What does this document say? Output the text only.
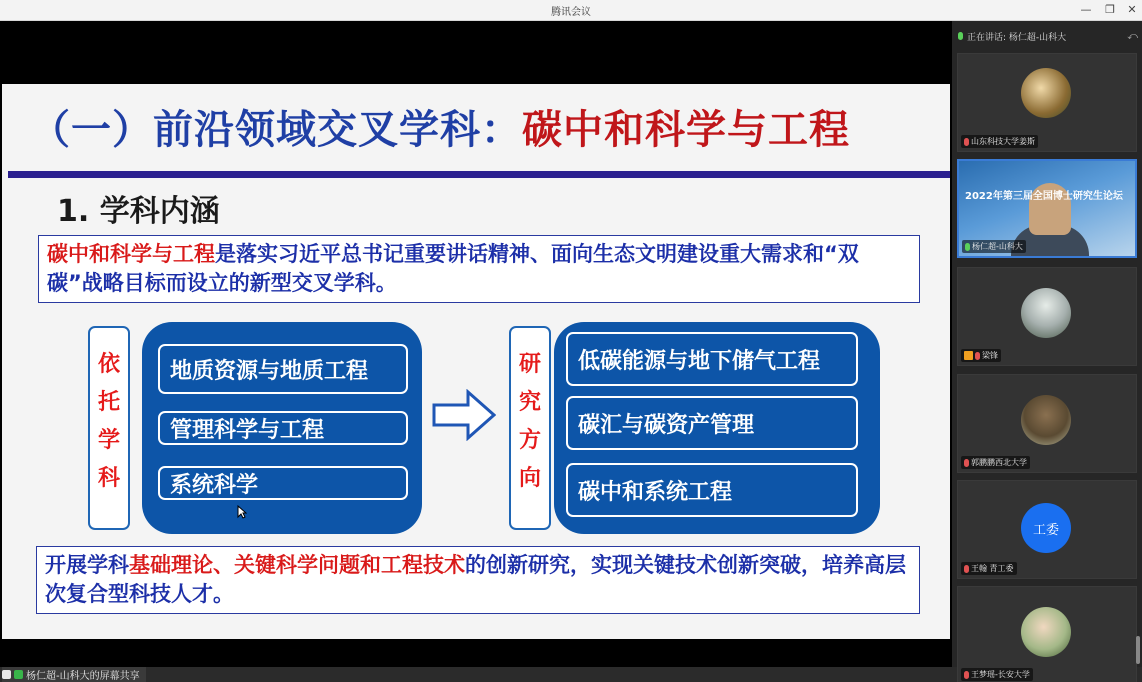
腾讯会议	— ❐	✕
（一）前沿领域交叉学科：碳中和科学与工程
1. 学科内涵
碳中和科学与工程是落实习近平总书记重要讲话精神、面向生态文明建设重大需求和“双碳”战略目标而设立的新型交叉学科。
依
托
学
科
地质资源与地质工程
管理科学与工程
系统科学
研
究
方
向
低碳能源与地下储气工程
碳汇与碳资产管理
碳中和系统工程
开展学科基础理论、关键科学问题和工程技术的创新研究，实现关键技术创新突破，培养高层次复合型科技人才。
杨仁超-山科大的屏幕共享
正在讲话: 杨仁超-山科大	⤺
山东科技大学姜斯
2022年第三届全国博士研究生论坛
杨仁超-山科大
梁锋
郭鹏鹏西北大学
工委
王翰 青工委
王梦瑶-长安大学
